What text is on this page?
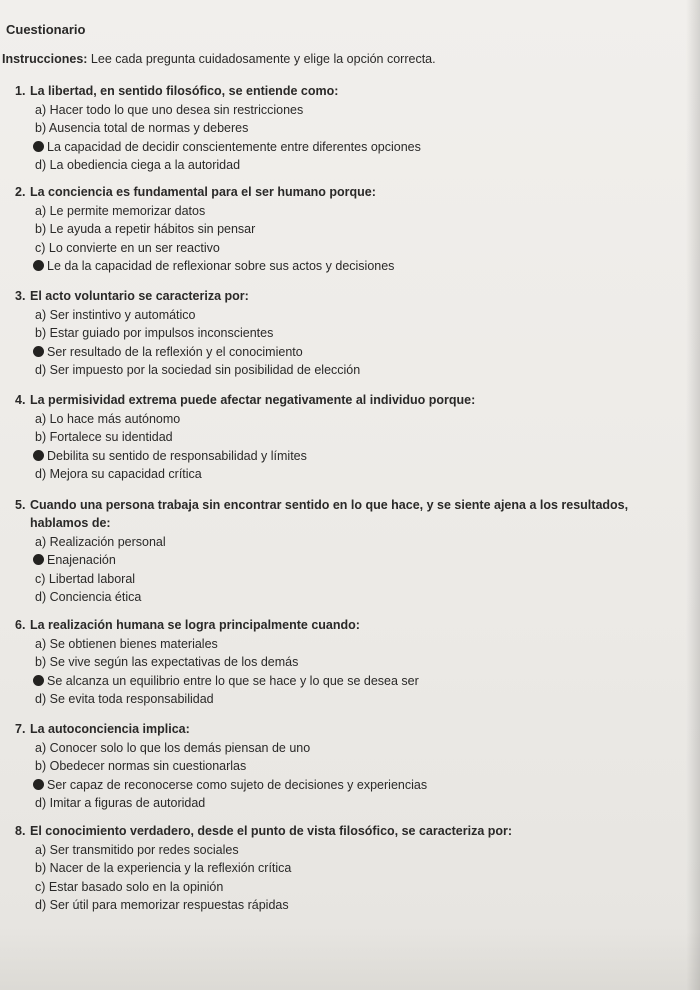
Cuestionario
Instrucciones: Lee cada pregunta cuidadosamente y elige la opción correcta.
1. La libertad, en sentido filosófico, se entiende como:
a) Hacer todo lo que uno desea sin restricciones
b) Ausencia total de normas y deberes
La capacidad de decidir conscientemente entre diferentes opciones
d) La obediencia ciega a la autoridad
2. La conciencia es fundamental para el ser humano porque:
a) Le permite memorizar datos
b) Le ayuda a repetir hábitos sin pensar
c) Lo convierte en un ser reactivo
Le da la capacidad de reflexionar sobre sus actos y decisiones
3. El acto voluntario se caracteriza por:
a) Ser instintivo y automático
b) Estar guiado por impulsos inconscientes
Ser resultado de la reflexión y el conocimiento
d) Ser impuesto por la sociedad sin posibilidad de elección
4. La permisividad extrema puede afectar negativamente al individuo porque:
a) Lo hace más autónomo
b) Fortalece su identidad
Debilita su sentido de responsabilidad y límites
d) Mejora su capacidad crítica
5. Cuando una persona trabaja sin encontrar sentido en lo que hace, y se siente ajena a los resultados, hablamos de:
a) Realización personal
Enajenación
c) Libertad laboral
d) Conciencia ética
6. La realización humana se logra principalmente cuando:
a) Se obtienen bienes materiales
b) Se vive según las expectativas de los demás
Se alcanza un equilibrio entre lo que se hace y lo que se desea ser
d) Se evita toda responsabilidad
7. La autoconciencia implica:
a) Conocer solo lo que los demás piensan de uno
b) Obedecer normas sin cuestionarlas
Ser capaz de reconocerse como sujeto de decisiones y experiencias
d) Imitar a figuras de autoridad
8. El conocimiento verdadero, desde el punto de vista filosófico, se caracteriza por:
a) Ser transmitido por redes sociales
b) Nacer de la experiencia y la reflexión crítica
c) Estar basado solo en la opinión
d) Ser útil para memorizar respuestas rápidas
